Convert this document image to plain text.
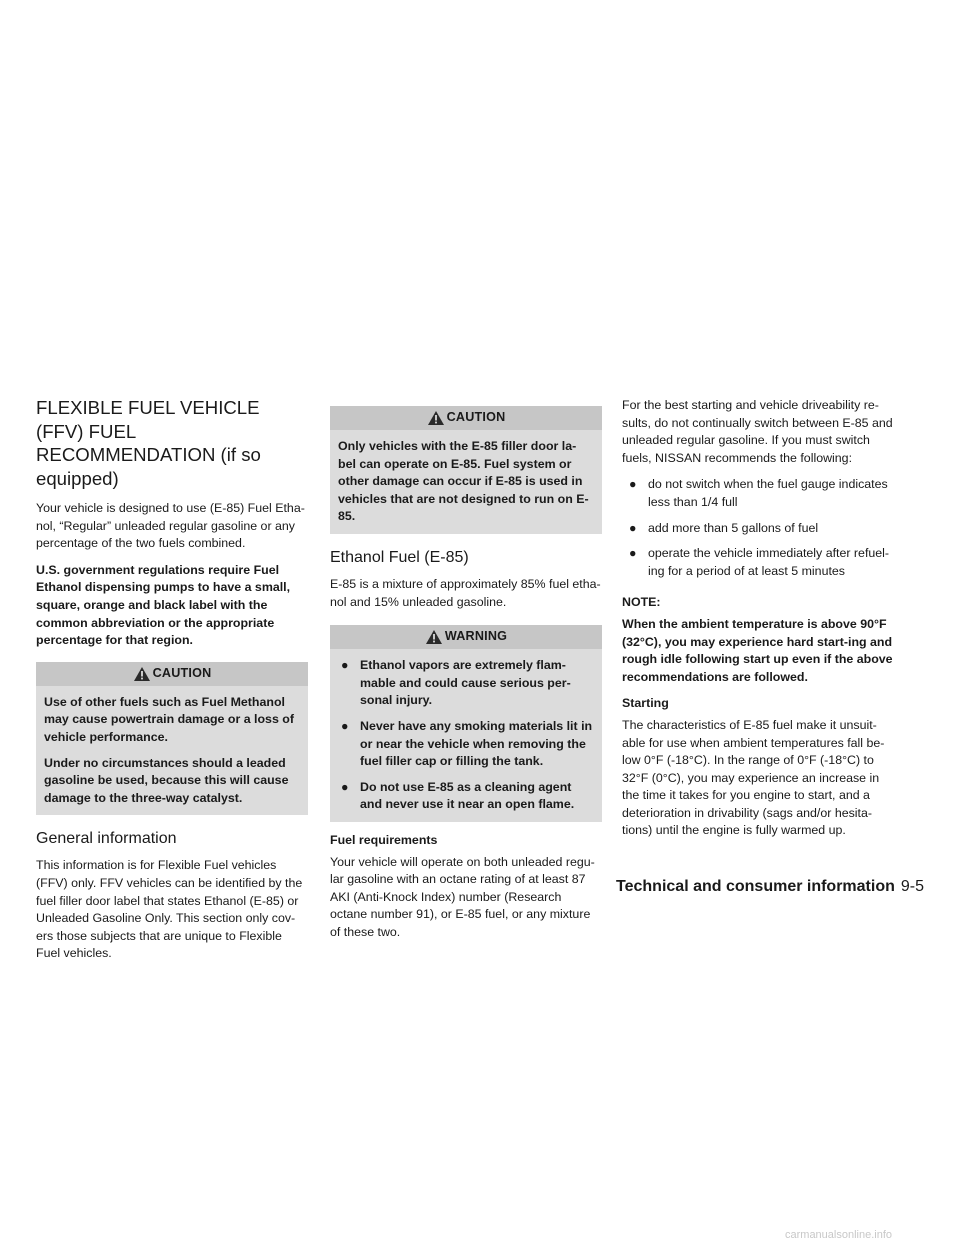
FLEXIBLE FUEL VEHICLE (FFV) FUEL RECOMMENDATION (if so equipped)

Your vehicle is designed to use (E-85) Fuel Etha-nol, “Regular” unleaded regular gasoline or any percentage of the two fuels combined.

U.S. government regulations require Fuel Ethanol dispensing pumps to have a small, square, orange and black label with the common abbreviation or the appropriate percentage for that region.

CAUTION

Use of other fuels such as Fuel Methanol may cause powertrain damage or a loss of vehicle performance.

Under no circumstances should a leaded gasoline be used, because this will cause damage to the three-way catalyst.

General information

This information is for Flexible Fuel vehicles (FFV) only. FFV vehicles can be identified by the fuel filler door label that states Ethanol (E-85) or Unleaded Gasoline Only. This section only cov-ers those subjects that are unique to Flexible Fuel vehicles.

CAUTION

Only vehicles with the E-85 filler door la-bel can operate on E-85. Fuel system or other damage can occur if E-85 is used in vehicles that are not designed to run on E-85.

Ethanol Fuel (E-85)

E-85 is a mixture of approximately 85% fuel etha-nol and 15% unleaded gasoline.

WARNING
● Ethanol vapors are extremely flam-mable and could cause serious per-sonal injury.
● Never have any smoking materials lit in or near the vehicle when removing the fuel filler cap or filling the tank.
● Do not use E-85 as a cleaning agent and never use it near an open flame.

Fuel requirements

Your vehicle will operate on both unleaded regu-lar gasoline with an octane rating of at least 87 AKI (Anti-Knock Index) number (Research octane number 91), or E-85 fuel, or any mixture of these two.

For the best starting and vehicle driveability re-sults, do not continually switch between E-85 and unleaded regular gasoline. If you must switch fuels, NISSAN recommends the following:

● do not switch when the fuel gauge indicates less than 1/4 full
● add more than 5 gallons of fuel
● operate the vehicle immediately after refuel-ing for a period of at least 5 minutes

NOTE:

When the ambient temperature is above 90°F (32°C), you may experience hard start-ing and rough idle following start up even if the above recommendations are followed.

Starting

The characteristics of E-85 fuel make it unsuit-able for use when ambient temperatures fall be-low 0°F (-18°C). In the range of 0°F (-18°C) to 32°F (0°C), you may experience an increase in the time it takes for you engine to start, and a deterioration in drivability (sags and/or hesita-tions) until the engine is fully warmed up.

Technical and consumer information 9-5
carmanualsonline.info
